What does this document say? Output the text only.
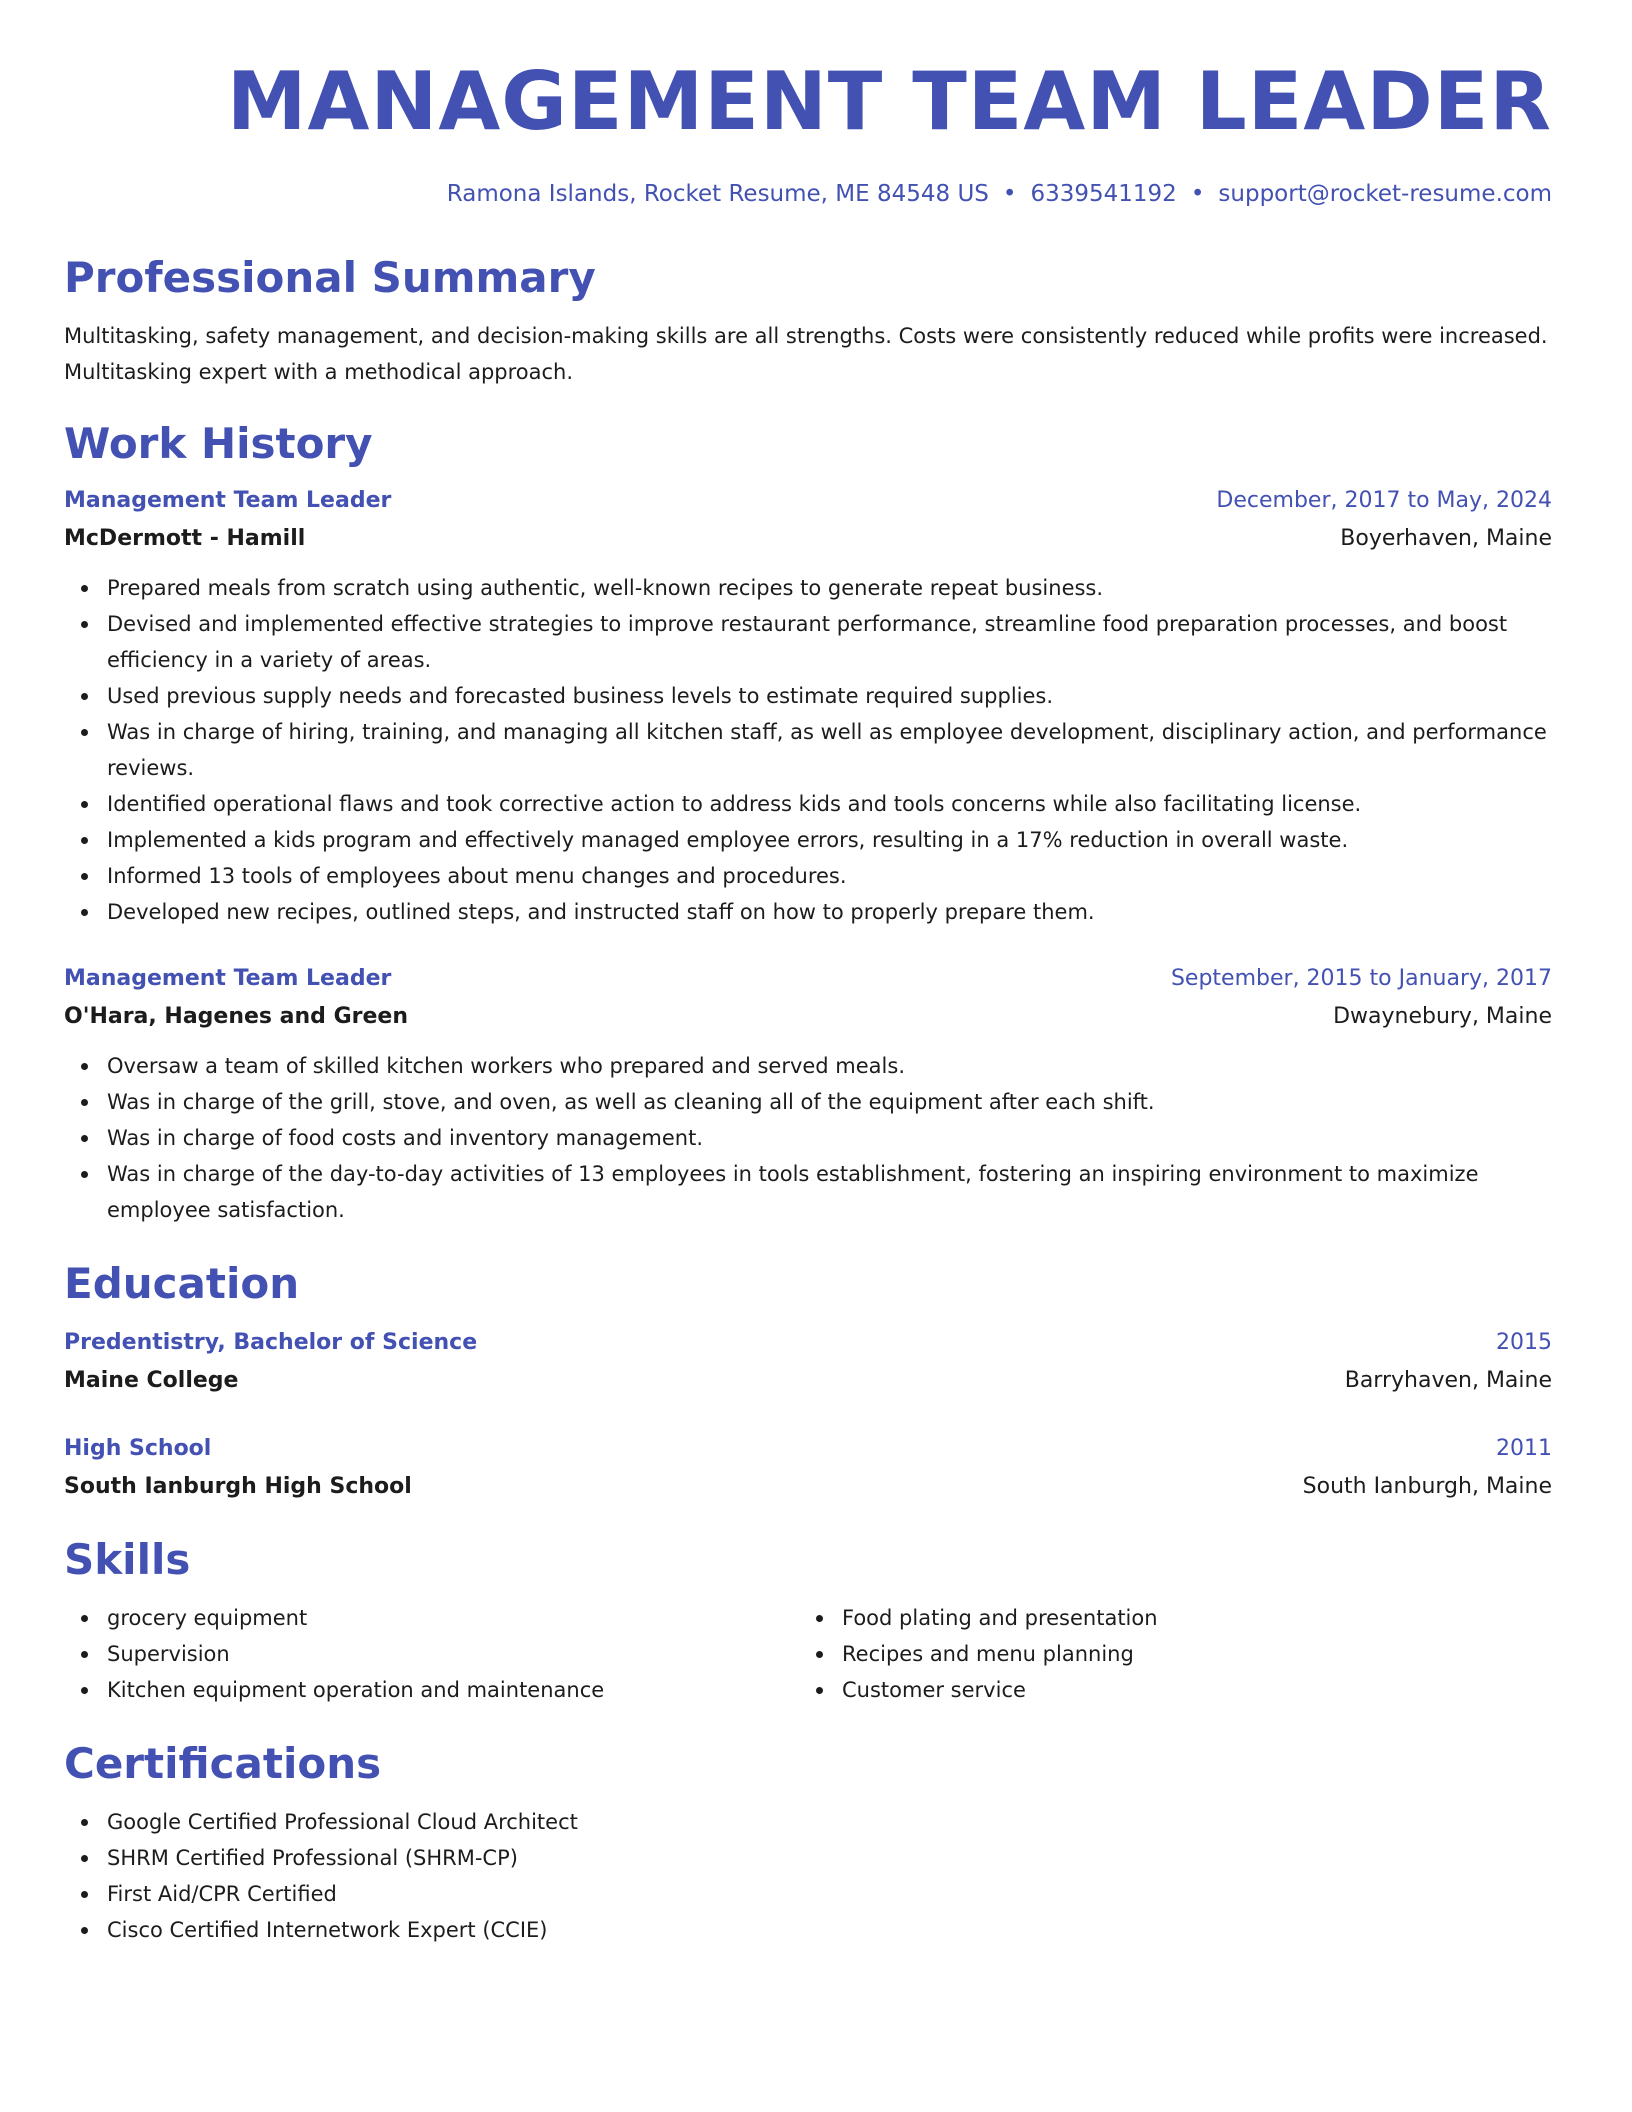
MANAGEMENT TEAM LEADER
Ramona Islands, Rocket Resume, ME 84548 US • 6339541192 • support@rocket-resume.com
Professional Summary

Multitasking, safety management, and decision-making skills are all strengths. Costs were consistently reduced while profits were increased. Multitasking expert with a methodical approach.

Work History
Management Team Leader	December, 2017 to May, 2024
McDermott - Hamill	Boyerhaven, Maine
Prepared meals from scratch using authentic, well-known recipes to generate repeat business.
Devised and implemented effective strategies to improve restaurant performance, streamline food preparation processes, and boost efficiency in a variety of areas.
Used previous supply needs and forecasted business levels to estimate required supplies.
Was in charge of hiring, training, and managing all kitchen staff, as well as employee development, disciplinary action, and performance reviews.
Identified operational flaws and took corrective action to address kids and tools concerns while also facilitating license.
Implemented a kids program and effectively managed employee errors, resulting in a 17% reduction in overall waste.
Informed 13 tools of employees about menu changes and procedures.
Developed new recipes, outlined steps, and instructed staff on how to properly prepare them.
Management Team Leader	September, 2015 to January, 2017
O'Hara, Hagenes and Green	Dwaynebury, Maine
Oversaw a team of skilled kitchen workers who prepared and served meals.
Was in charge of the grill, stove, and oven, as well as cleaning all of the equipment after each shift.
Was in charge of food costs and inventory management.
Was in charge of the day-to-day activities of 13 employees in tools establishment, fostering an inspiring environment to maximize employee satisfaction.
Education
Predentistry, Bachelor of Science	2015
Maine College	Barryhaven, Maine
High School	2011
South Ianburgh High School	South Ianburgh, Maine
Skills
grocery equipment
Supervision
Kitchen equipment operation and maintenance
Food plating and presentation
Recipes and menu planning
Customer service
Certifications
Google Certified Professional Cloud Architect
SHRM Certified Professional (SHRM-CP)
First Aid/CPR Certified
Cisco Certified Internetwork Expert (CCIE)
